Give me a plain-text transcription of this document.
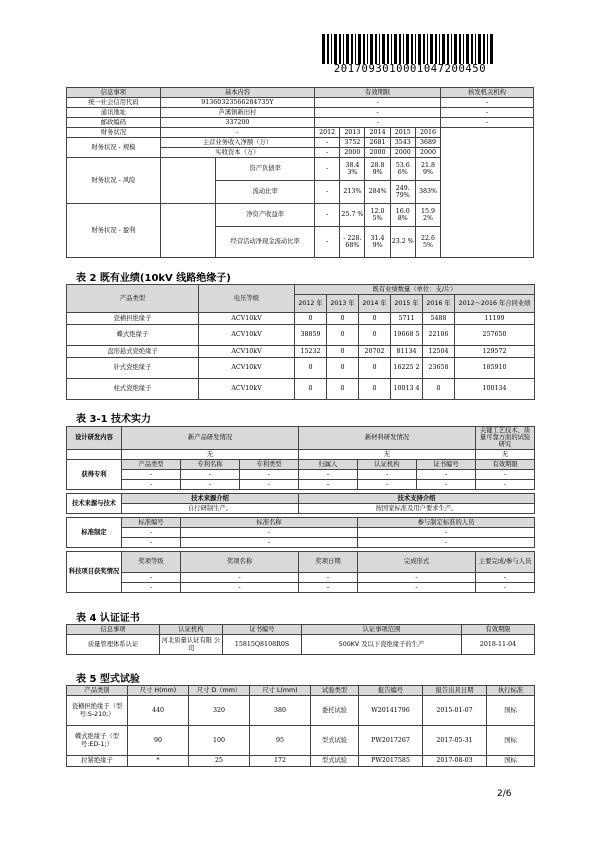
20170930100010472004​50
信息事项	基本内容		有效期限					核发机关机构
统一社会信用代码	91360323566284735Y		-					-
通讯地址	芦溪镇新田村		-					-
邮政编码	337200		-					-
财务状况	-		2012	2013	2014	2015	2016	
财务状况 - 规模	主营业务收入净额（万）		-	3752	2681	3543	3689	
	实收资本（万）		-	2000	2000	2000	2000	
财务状况 - 风险		资产负债率	-	38.4 3%	28.8 9%	53.6 6%	21.8 9%	
		流动比率	-	213%	284%	249. 79%	383%	
财务状况 - 盈利		净资产收益率	-	25.7 %	12.0 5%	16.0 8%	15.9 2%	
		经营活动净现金流动比率	-	- 228. 68%	31.4 9%	23.2 %	22.6 5%	
表 2 既有业绩(10kV 线路绝缘子)
产品类型	电压等级	既有业绩数量（单位：支/片）					
		2012 年	2013 年	2014 年	2015 年	2016 年	2012～2016 年合同业绩
瓷横担绝缘子	ACV10kV	0	0	0	5711	5488	11199
蝶式绝缘子	ACV10kV	38859	0	0	19668 5	22106	257650
盘形悬式瓷绝缘子	ACV10kV	15232	0	20702	81134	12504	129572
针式瓷绝缘子	ACV10kV	0	0	0	16225 2	23658	185910
柱式瓷绝缘子	ACV10kV	0	0	0	10013 4	0	100134
表 3-1 技术实力
设计研发内容	新产品研发情况			新材料研发情况			关键工艺技术、质量可靠方面的试验研究
	无			无			无
获得专利	产品类型	专利名称	专利类型	归属人	认证机构	证书编号	有效期限
	-	-	-	-	-	-	-
	-	-	-	-	-	-	-

技术来源与技术	技术来源介绍			技术支持介绍			
	自行研制生产。			按国家标准及用户要求生产。			

标准制定	标准编号	标准名称			参与制定标准的人员		
	-	-			-		
	-	-			-		

科技项目获奖情况	奖项等级	奖项名称		奖项日期	完成形式		主要完成/参与人员
	-	-		-	-		-
	-	-		-	-		-
表 4 认证证书
信息事项	认证机构	证书编号	认证事项范围	有效期限
质量管理体系认证	河北质量认证有限 公司	15815Q8108R0S	500KV 及以下瓷绝缘子的生产	2018-11-04
表 5 型式试验
产品类别	尺寸 H(mm)	尺寸 D（mm）	尺寸 L(mm)	试验类型	报告编号	报告出具日期	执行标准
瓷横担绝缘子（型号:S-210;）	440	320	380	委托试验	W20141796	2015-01-07	国标
蝶式绝缘子（型号:ED-1;）	90	100	95	型式试验	PW2017267	2017-05-31	国标
拉紧绝缘子	*	25	172	型式试验	PW2017585	2017-08-03	国标
2/6
